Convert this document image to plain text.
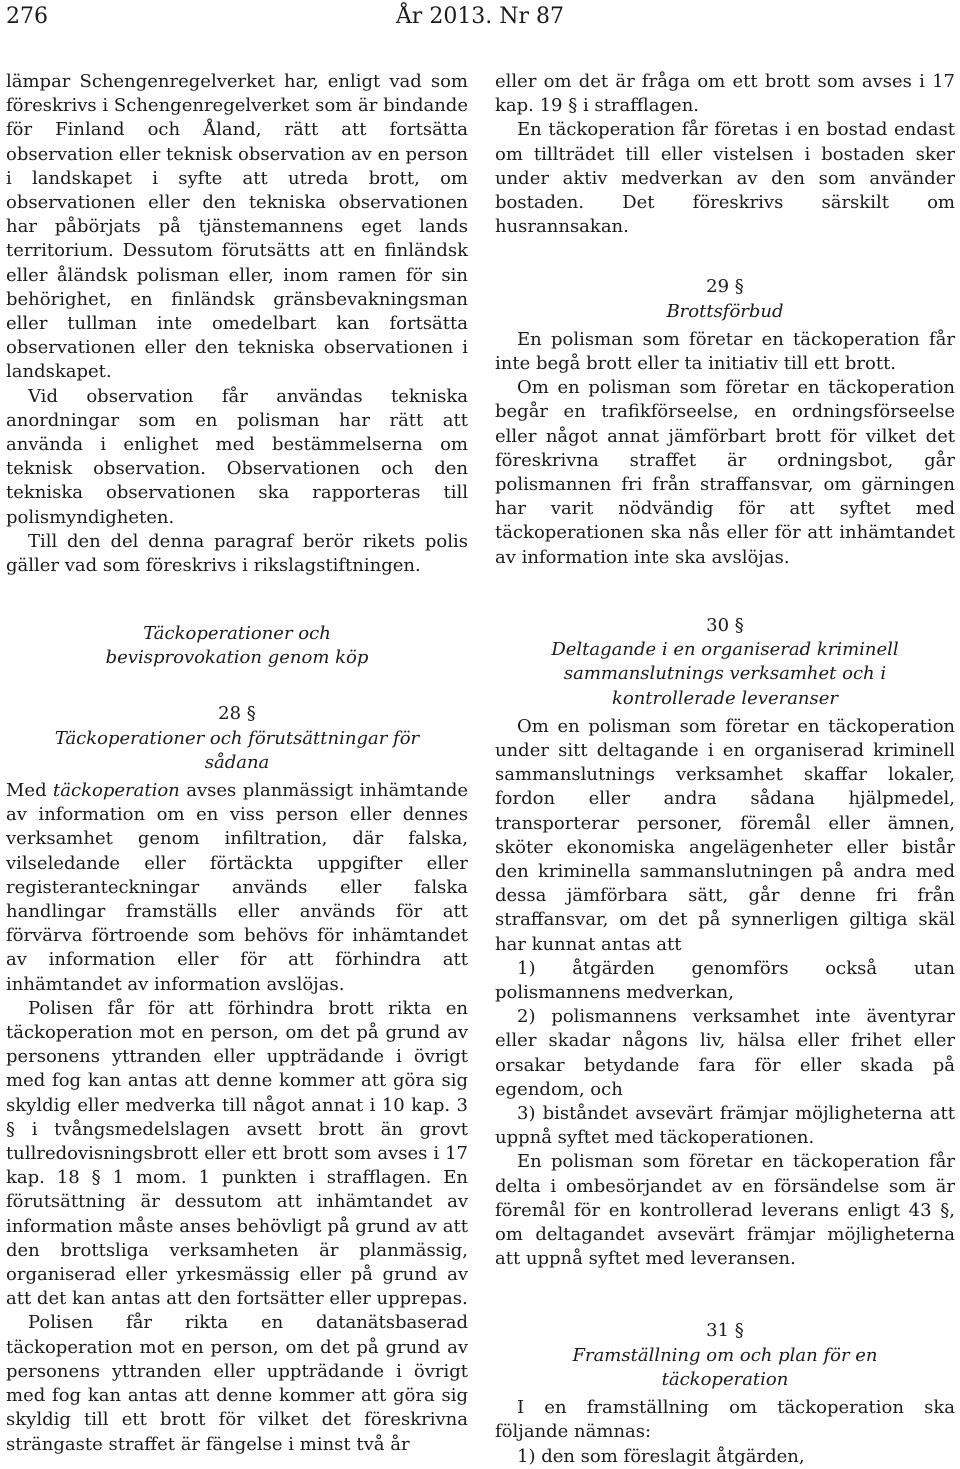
276	År 2013. Nr 87

lämpar Schengenregelverket har, enligt vad som föreskrivs i Schengenregelverket som är bindande för Finland och Åland, rätt att fortsätta observation eller teknisk observation av en person i landskapet i syfte att utreda brott, om observationen eller den tekniska observationen har påbörjats på tjänstemannens eget lands territorium. Dessutom förutsätts att en finländsk eller åländsk polisman eller, inom ramen för sin behörighet, en finländsk gränsbevakningsman eller tullman inte omedelbart kan fortsätta observationen eller den tekniska observationen i landskapet.

Vid observation får användas tekniska anordningar som en polisman har rätt att använda i enlighet med bestämmelserna om teknisk observation. Observationen och den tekniska observationen ska rapporteras till polismyndigheten.

Till den del denna paragraf berör rikets polis gäller vad som föreskrivs i rikslagstiftningen.

eller om det är fråga om ett brott som avses i 17 kap. 19 § i strafflagen.

En täckoperation får företas i en bostad endast om tillträdet till eller vistelsen i bostaden sker under aktiv medverkan av den som använder bostaden. Det föreskrivs särskilt om husrannsakan.

29 §
Brottsförbud

En polisman som företar en täckoperation får inte begå brott eller ta initiativ till ett brott.

Om en polisman som företar en täckoperation begår en trafikförseelse, en ordningsförseelse eller något annat jämförbart brott för vilket det föreskrivna straffet är ordningsbot, går polismannen fri från straffansvar, om gärningen har varit nödvändig för att syftet med täckoperationen ska nås eller för att inhämtandet av information inte ska avslöjas.

Täckoperationer och bevisprovokation genom köp
28 §
Täckoperationer och förutsättningar för sådana

Med täckoperation avses planmässigt inhämtande av information om en viss person eller dennes verksamhet genom infiltration, där falska, vilseledande eller förtäckta uppgifter eller registeranteckningar används eller falska handlingar framställs eller används för att förvärva förtroende som behövs för inhämtandet av information eller för att förhindra att inhämtandet av information avslöjas.

Polisen får för att förhindra brott rikta en täckoperation mot en person, om det på grund av personens yttranden eller uppträdande i övrigt med fog kan antas att denne kommer att göra sig skyldig eller medverka till något annat i 10 kap. 3 § i tvångsmedelslagen avsett brott än grovt tullredovisningsbrott eller ett brott som avses i 17 kap. 18 § 1 mom. 1 punkten i strafflagen. En förutsättning är dessutom att inhämtandet av information måste anses behövligt på grund av att den brottsliga verksamheten är planmässig, organiserad eller yrkesmässig eller på grund av att det kan antas att den fortsätter eller upprepas.

Polisen får rikta en datanätsbaserad täckoperation mot en person, om det på grund av personens yttranden eller uppträdande i övrigt med fog kan antas att denne kommer att göra sig skyldig till ett brott för vilket det föreskrivna strängaste straffet är fängelse i minst två år

30 §
Deltagande i en organiserad kriminell sammanslutnings verksamhet och i kontrollerade leveranser

Om en polisman som företar en täckoperation under sitt deltagande i en organiserad kriminell sammanslutnings verksamhet skaffar lokaler, fordon eller andra sådana hjälpmedel, transporterar personer, föremål eller ämnen, sköter ekonomiska angelägenheter eller bistår den kriminella sammanslutningen på andra med dessa jämförbara sätt, går denne fri från straffansvar, om det på synnerligen giltiga skäl har kunnat antas att

1) åtgärden genomförs också utan polismannens medverkan,

2) polismannens verksamhet inte äventyrar eller skadar någons liv, hälsa eller frihet eller orsakar betydande fara för eller skada på egendom, och

3) biståndet avsevärt främjar möjligheterna att uppnå syftet med täckoperationen.

En polisman som företar en täckoperation får delta i ombesörjandet av en försändelse som är föremål för en kontrollerad leverans enligt 43 §, om deltagandet avsevärt främjar möjligheterna att uppnå syftet med leveransen.

31 §
Framställning om och plan för en täckoperation

I en framställning om täckoperation ska följande nämnas:

1) den som föreslagit åtgärden,
